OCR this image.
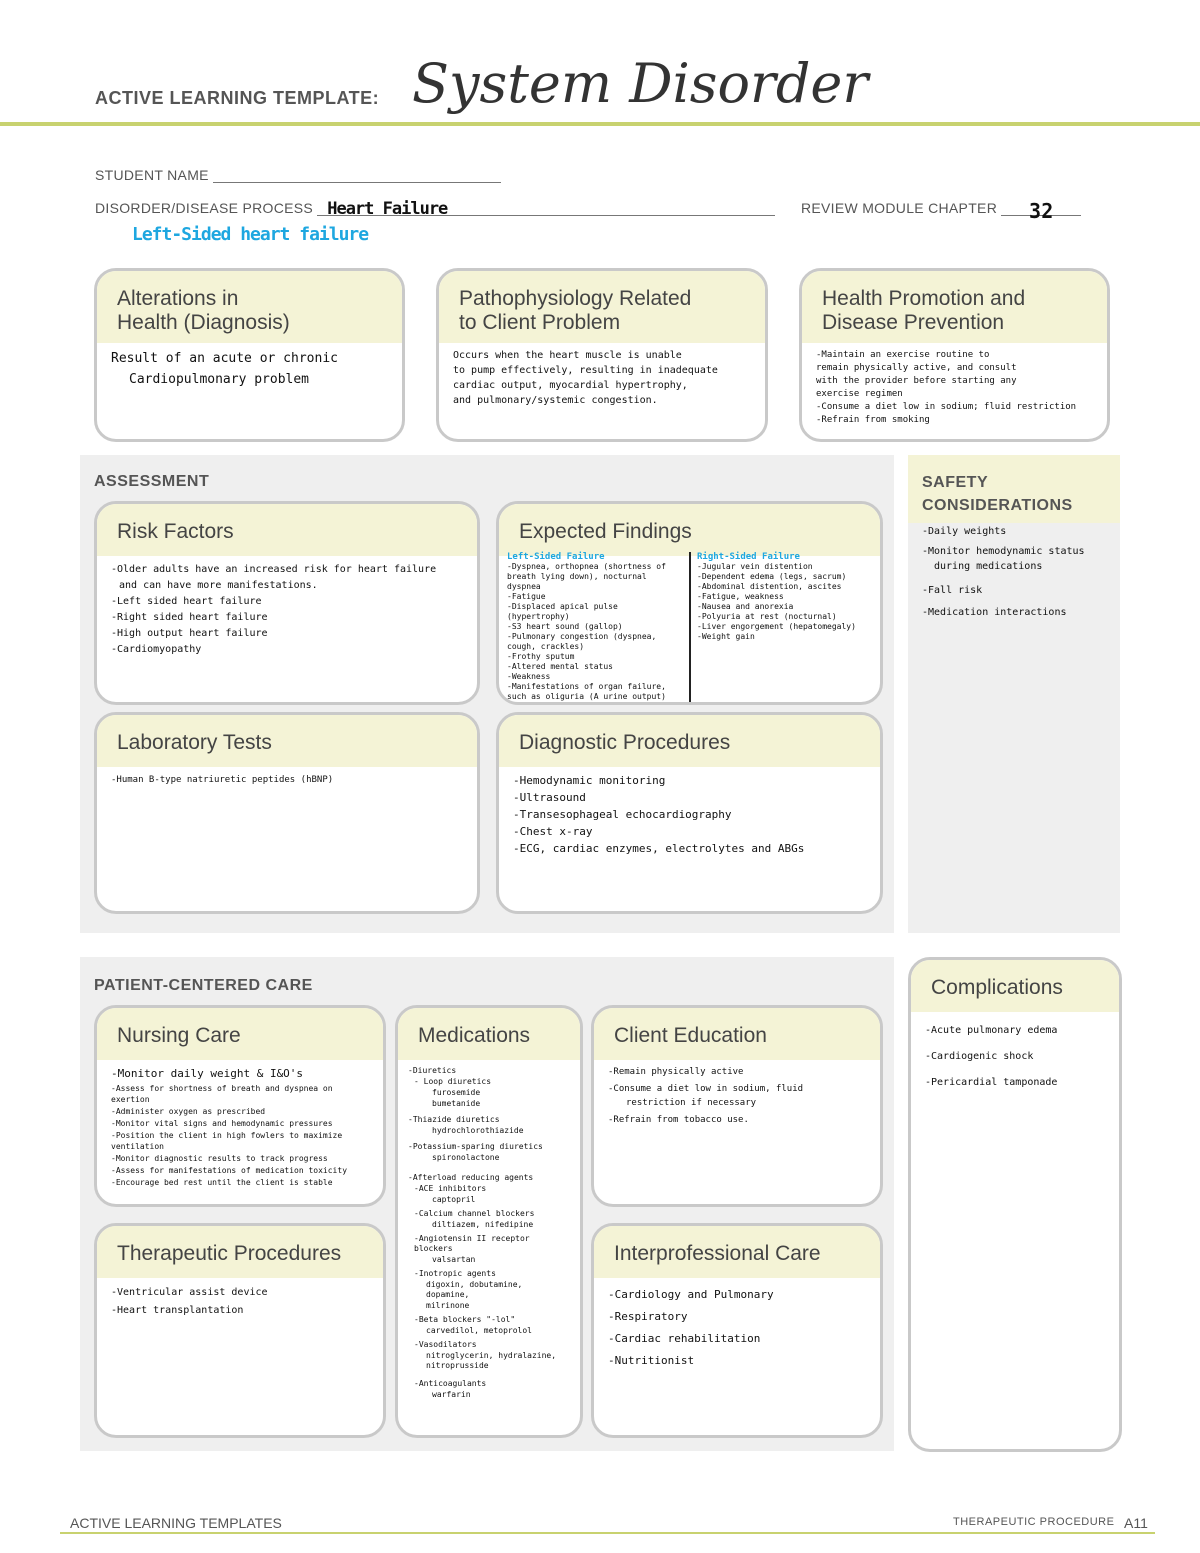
ACTIVE LEARNING TEMPLATE: System Disorder
STUDENT NAME
DISORDER/DISEASE PROCESS Heart Failure	REVIEW MODULE CHAPTER 32
Left-Sided heart failure
Alterations in
Health (Diagnosis)
Result of an acute or chronic
Cardiopulmonary problem
Pathophysiology Related
to Client Problem
Occurs when the heart muscle is unable
to pump effectively, resulting in inadequate
cardiac output, myocardial hypertrophy,
and pulmonary/systemic congestion.
Health Promotion and
Disease Prevention
-Maintain an exercise routine to
remain physically active, and consult
with the provider before starting any
exercise regimen
-Consume a diet low in sodium; fluid restriction
-Refrain from smoking
ASSESSMENT
Risk Factors
-Older adults have an increased risk for heart failure
and can have more manifestations.
-Left sided heart failure
-Right sided heart failure
-High output heart failure
-Cardiomyopathy
Expected Findings
Left-Sided Failure
-Dyspnea, orthopnea (shortness of breath lying down), nocturnal dyspnea
-Fatigue
-Displaced apical pulse (hypertrophy)
-S3 heart sound (gallop)
-Pulmonary congestion (dyspnea, cough, crackles)
-Frothy sputum
-Altered mental status
-Weakness
-Manifestations of organ failure, such as oliguria (A urine output)
Right-Sided Failure
-Jugular vein distention
-Dependent edema (legs, sacrum)
-Abdominal distention, ascites
-Fatigue, weakness
-Nausea and anorexia
-Polyuria at rest (nocturnal)
-Liver engorgement (hepatomegaly)
-Weight gain
Laboratory Tests
-Human B-type natriuretic peptides (hBNP)
Diagnostic Procedures
-Hemodynamic monitoring
-Ultrasound
-Transesophageal echocardiography
-Chest x-ray
-ECG, cardiac enzymes, electrolytes and ABGs
SAFETY
CONSIDERATIONS
-Daily weights
-Monitor hemodynamic status
during medications
-Fall risk
-Medication interactions
PATIENT-CENTERED CARE
Nursing Care
-Monitor daily weight & I&O's
-Assess for shortness of breath and dyspnea on exertion
-Administer oxygen as prescribed
-Monitor vital signs and hemodynamic pressures
-Position the client in high fowlers to maximize ventilation
-Monitor diagnostic results to track progress
-Assess for manifestations of medication toxicity
-Encourage bed rest until the client is stable
Medications
-Diuretics
- Loop diuretics
furosemide
bumetanide
-Thiazide diuretics
hydrochlorothiazide
-Potassium-sparing diuretics
spironolactone
-Afterload reducing agents
-ACE inhibitors
captopril
-Calcium channel blockers
diltiazem, nifedipine
-Angiotensin II receptor blockers
valsartan
-Inotropic agents
digoxin, dobutamine, dopamine,
milrinone
-Beta blockers "-lol"
carvedilol, metoprolol
-Vasodilators
nitroglycerin, hydralazine, nitroprusside
-Anticoagulants
warfarin
Client Education
-Remain physically active
-Consume a diet low in sodium, fluid
restriction if necessary
-Refrain from tobacco use.
Therapeutic Procedures
-Ventricular assist device
-Heart transplantation
Interprofessional Care
-Cardiology and Pulmonary
-Respiratory
-Cardiac rehabilitation
-Nutritionist
Complications
-Acute pulmonary edema
-Cardiogenic shock
-Pericardial tamponade
ACTIVE LEARNING TEMPLATES	THERAPEUTIC PROCEDURE A11
